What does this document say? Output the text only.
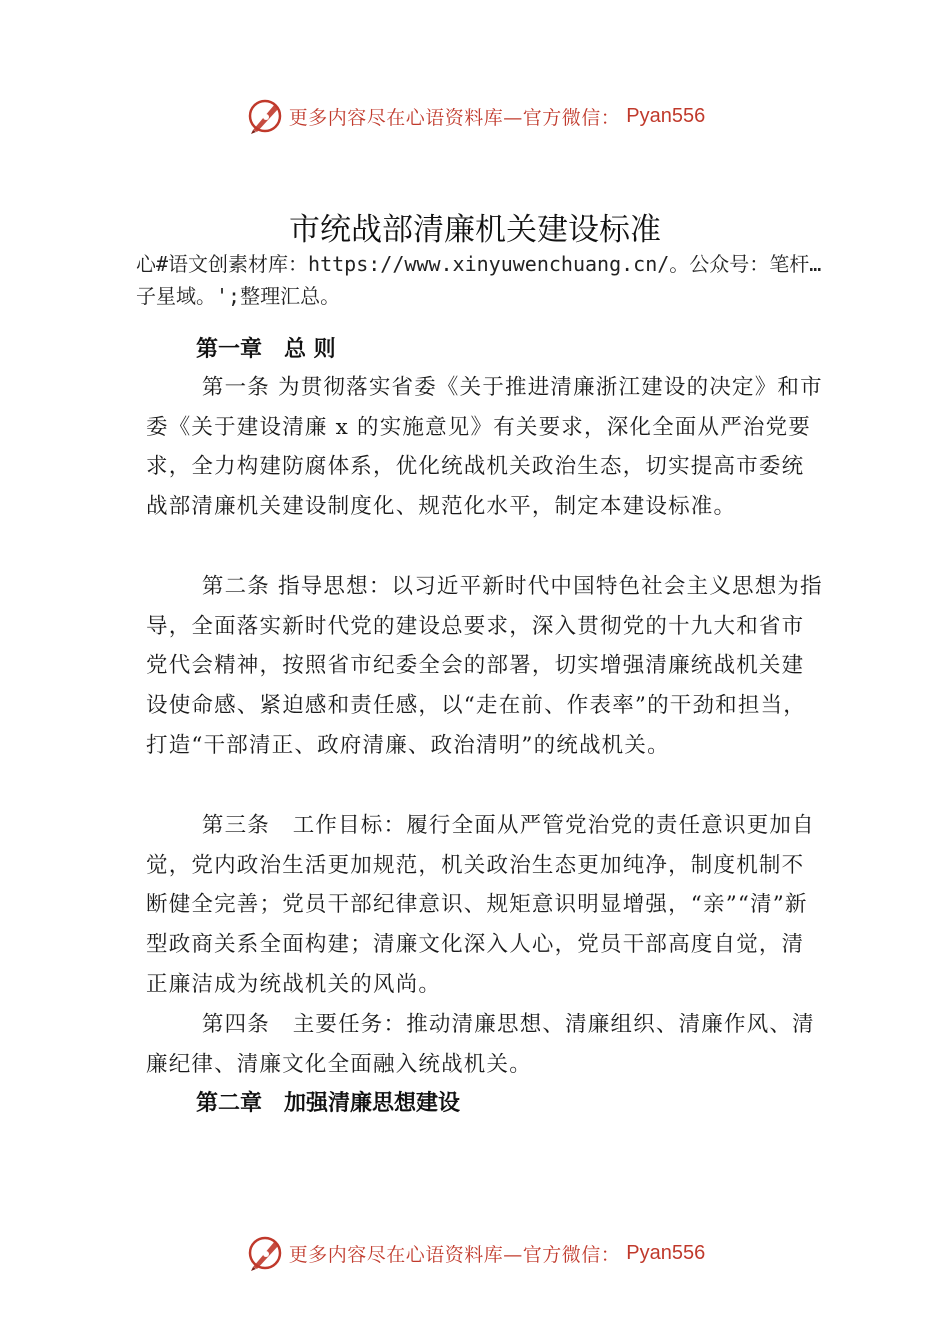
更多内容尽在心语资料库—官方微信： Pyan556
市统战部清廉机关建设标准
心#语文创素材库：https://www.xinyuwenchuang.cn/。公众号：笔杆…子星域。';整理汇总。
第一章　总 则

第一条 为贯彻落实省委《关于推进清廉浙江建设的决定》和市委《关于建设清廉 x 的实施意见》有关要求，深化全面从严治党要求，全力构建防腐体系，优化统战机关政治生态，切实提高市委统战部清廉机关建设制度化、规范化水平，制定本建设标准。

第二条 指导思想：以习近平新时代中国特色社会主义思想为指导，全面落实新时代党的建设总要求，深入贯彻党的十九大和省市党代会精神，按照省市纪委全会的部署，切实增强清廉统战机关建设使命感、紧迫感和责任感，以“走在前、作表率”的干劲和担当，打造“干部清正、政府清廉、政治清明”的统战机关。

第三条　工作目标：履行全面从严管党治党的责任意识更加自觉，党内政治生活更加规范，机关政治生态更加纯净，制度机制不断健全完善；党员干部纪律意识、规矩意识明显增强，“亲”“清”新型政商关系全面构建；清廉文化深入人心，党员干部高度自觉，清正廉洁成为统战机关的风尚。

第四条　主要任务：推动清廉思想、清廉组织、清廉作风、清廉纪律、清廉文化全面融入统战机关。

第二章　加强清廉思想建设
更多内容尽在心语资料库—官方微信： Pyan556
